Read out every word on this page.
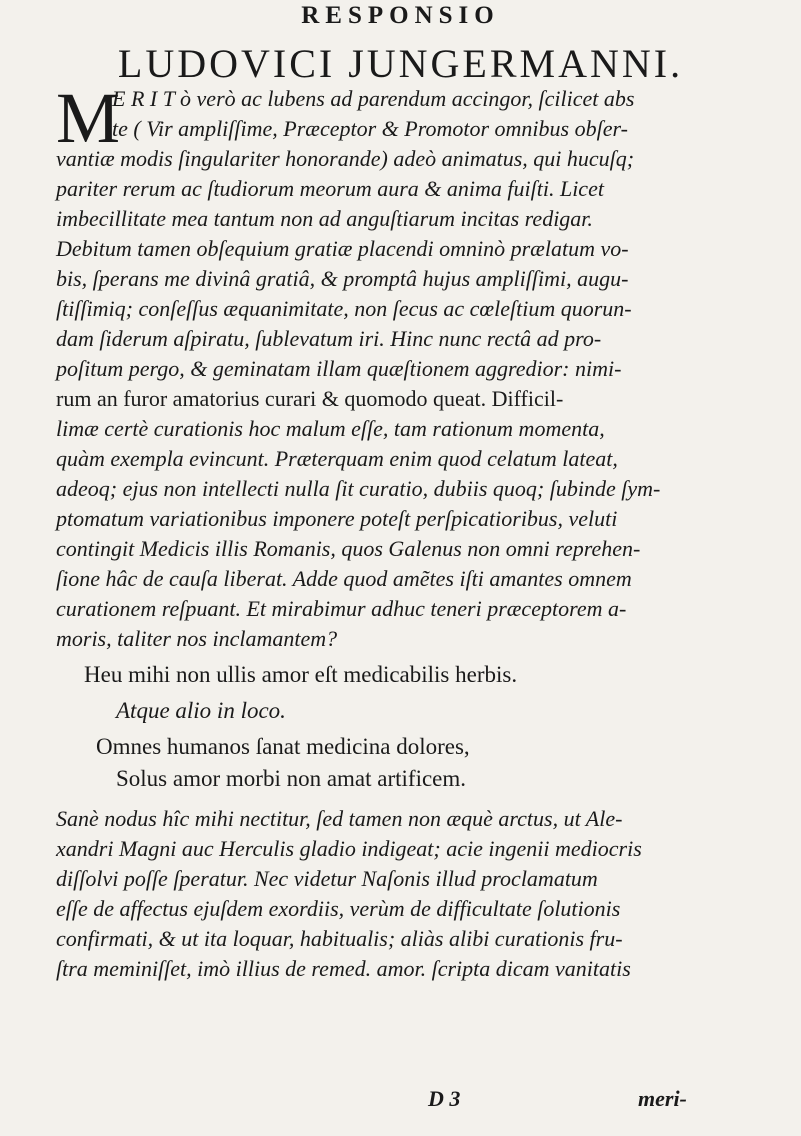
RESPONSIO
LUDOVICI JUNGERMANNI.
M
E R I T ò verò ac lubens ad parendum accingor, ſcilicet abs
te ( Vir ampliſſime, Præceptor & Promotor omnibus obſer-
vantiæ modis ſingulariter honorande) adeò animatus, qui hucuſq;
pariter rerum ac ſtudiorum meorum aura & anima fuiſti. Licet
imbecillitate mea tantum non ad anguſtiarum incitas redigar.
Debitum tamen obſequium gratiæ placendi omninò prælatum vo-
bis, ſperans me divinâ gratiâ, & promptâ hujus ampliſſimi, augu-
ſtiſſimiq; conſeſſus æquanimitate, non ſecus ac cœleſtium quorun-
dam ſiderum aſpiratu, ſublevatum iri. Hinc nunc rectâ ad pro-
poſitum pergo, & geminatam illam quæſtionem aggredior: nimi-
rum an furor amatorius curari & quomodo queat. Difficil-
limæ certè curationis hoc malum eſſe, tam rationum momenta,
quàm exempla evincunt. Præterquam enim quod celatum lateat,
adeoq; ejus non intellecti nulla ſit curatio, dubiis quoq; ſubinde ſym-
ptomatum variationibus imponere poteſt perſpicatioribus, veluti
contingit Medicis illis Romanis, quos Galenus non omni reprehen-
ſione hâc de cauſa liberat. Adde quod amẽtes iſti amantes omnem
curationem reſpuant. Et mirabimur adhuc teneri præceptorem a-
moris, taliter nos inclamantem?
Heu mihi non ullis amor eſt medicabilis herbis.
Atque alio in loco.
Omnes humanos ſanat medicina dolores,
Solus amor morbi non amat artificem.
Sanè nodus hîc mihi nectitur, ſed tamen non æquè arctus, ut Ale-
xandri Magni auc Herculis gladio indigeat; acie ingenii mediocris
diſſolvi poſſe ſperatur. Nec videtur Naſonis illud proclamatum
eſſe de affectus ejuſdem exordiis, verùm de difficultate ſolutionis
confirmati, & ut ita loquar, habitualis; aliàs alibi curationis fru-
ſtra meminiſſet, imò illius de remed. amor. ſcripta dicam vanitatis
D 3	meri-
